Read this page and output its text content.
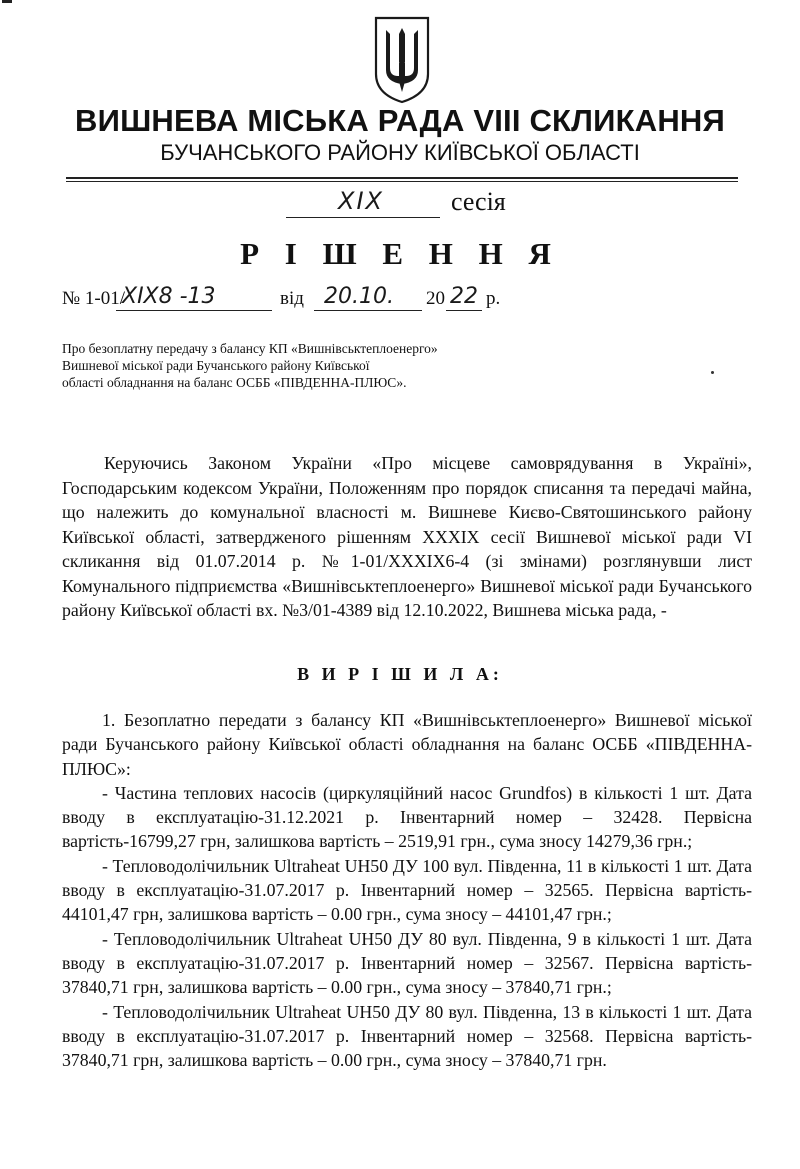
ВИШНЕВА МІСЬКА РАДА VIII СКЛИКАННЯ
БУЧАНСЬКОГО РАЙОНУ КИЇВСЬКОЇ ОБЛАСТІ
XIX	сесія
Р І Ш Е Н Н Я
№ 1-01/
XIX8 -13	від 20.10. 20 22 р.
Про безоплатну передачу з балансу КП «Вишнівськтеплоенерго»
Вишневої міської ради Бучанського району Київської
області обладнання на баланс ОСББ «ПІВДЕННА-ПЛЮС».

Керуючись Законом України «Про місцеве самоврядування в Україні», Господарським кодексом України, Положенням про порядок списання та передачі майна, що належить до комунальної власності м. Вишневе Києво-Святошинського району Київської області, затвердженого рішенням XXXIX сесії Вишневої міської ради VI скликання від 01.07.2014 р. №1-01/XXXIX6-4 (зі змінами) розглянувши лист Комунального підприємства «Вишнівськтеплоенерго» Вишневої міської ради Бучанського району Київської області вх. №3/01-4389 від 12.10.2022, Вишнева міська рада, -

В И Р І Ш И Л А:

1. Безоплатно передати з балансу КП «Вишнівськтеплоенерго» Вишневої міської ради Бучанського району Київської області обладнання на баланс ОСББ «ПІВДЕННА-ПЛЮС»:

- Частина теплових насосів (циркуляційний насос Grundfos) в кількості 1 шт. Дата вводу в експлуатацію-31.12.2021 р. Інвентарний номер – 32428. Первісна вартість-16799,27 грн, залишкова вартість – 2519,91 грн., сума зносу 14279,36 грн.;

- Тепловодолічильник Ultraheat UH50 ДУ 100 вул. Південна, 11 в кількості 1 шт. Дата вводу в експлуатацію-31.07.2017 р. Інвентарний номер – 32565. Первісна вартість- 44101,47 грн, залишкова вартість – 0.00 грн., сума зносу – 44101,47 грн.;

- Тепловодолічильник Ultraheat UH50 ДУ 80 вул. Південна, 9 в кількості 1 шт. Дата вводу в експлуатацію-31.07.2017 р. Інвентарний номер – 32567. Первісна вартість- 37840,71 грн, залишкова вартість – 0.00 грн., сума зносу – 37840,71 грн.;

- Тепловодолічильник Ultraheat UH50 ДУ 80 вул. Південна, 13 в кількості 1 шт. Дата вводу в експлуатацію-31.07.2017 р. Інвентарний номер – 32568. Первісна вартість- 37840,71 грн, залишкова вартість – 0.00 грн., сума зносу – 37840,71 грн.
